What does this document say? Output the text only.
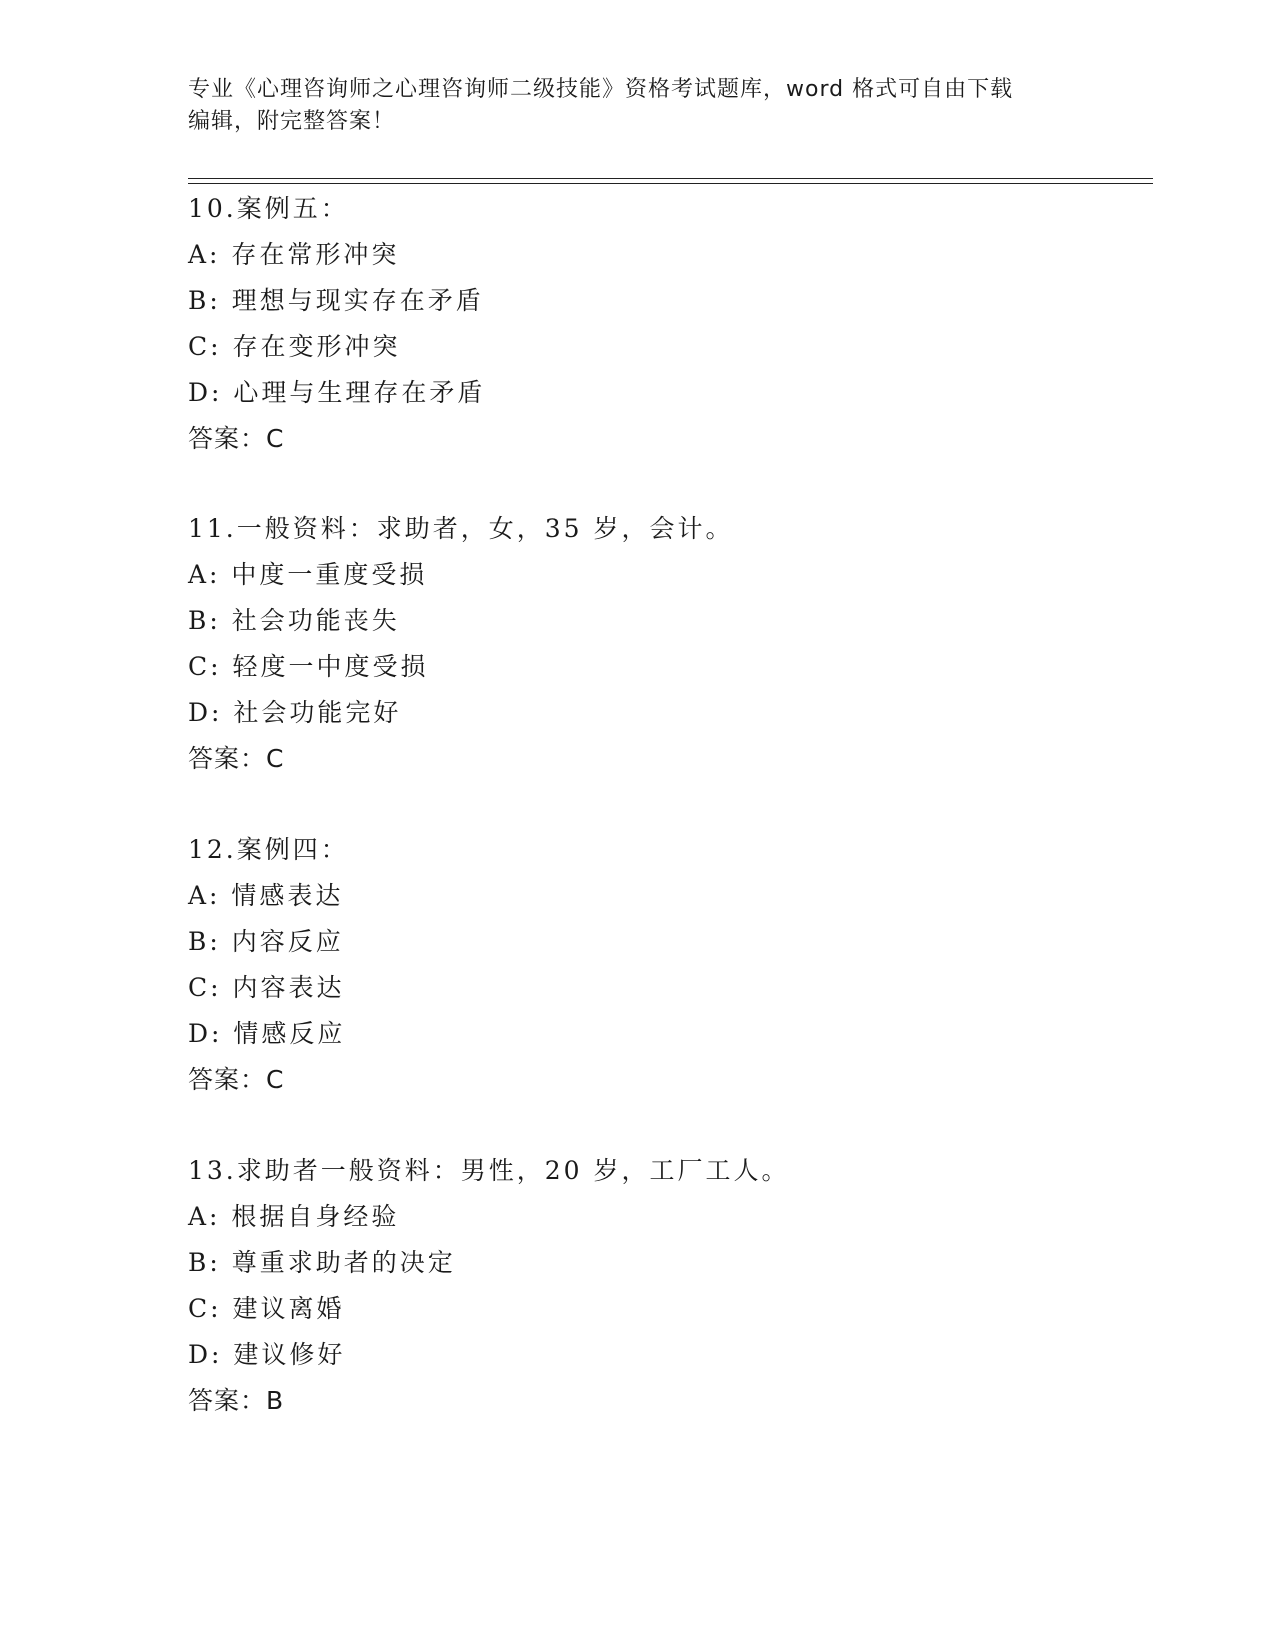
专业《心理咨询师之心理咨询师二级技能》资格考试题库，word 格式可自由下载
编辑，附完整答案！
10.案例五：
A: 存在常形冲突
B: 理想与现实存在矛盾
C: 存在变形冲突
D: 心理与生理存在矛盾
答案：C
11.一般资料：求助者，女，35 岁，会计。
A: 中度一重度受损
B: 社会功能丧失
C: 轻度一中度受损
D: 社会功能完好
答案：C
12.案例四：
A: 情感表达
B: 内容反应
C: 内容表达
D: 情感反应
答案：C
13.求助者一般资料：男性，20 岁，工厂工人。
A: 根据自身经验
B: 尊重求助者的决定
C: 建议离婚
D: 建议修好
答案：B
